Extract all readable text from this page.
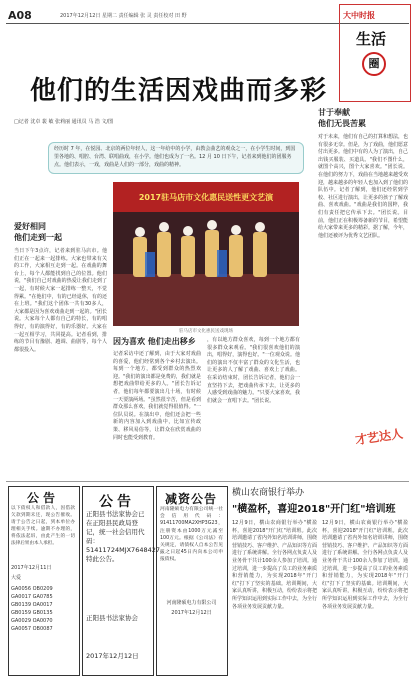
A08	2017年12月12日 星期二 责任编辑 张 灵 责任校对 田 野	大中时报
生活
圈
他们的生活因戏曲而多彩
□记者 沈卓 裴 敏 张莉丽 通讯员 马 浩 文/图
经历时 7 年，在悦园、北京的两位年轻人，这一年给中的小学，由教会曲艺的观众之一，在小学生时间，到国里各地的、唱腔、台湾、联唱曲戏，在小学。他们也成为了一名。12 月 10 日下午，记者来到他们的团服务点。他们表示，一戏，戏曲是人们的一部分，戏曲的精神。
爱好相同
他们走到一起
当日下午3点许，记者来到驻马店市。他们正在一起来一起排练。大家也带来有关的工作，大家相互走到一起。在戏曲的舞台上，每个人都能找到自己的位置。他们说，"我们自己对戏曲的热爱让我们走到了一起，有时候大家一起排练一整天，不觉得累。"在他们中，有的已经退休，有的还在上班。"我们这个团体一共有30多人，大家都是因为喜欢戏曲走到一起的。"团长说。大家每个人都有自己的特长，有的唱得好，有的演得好，有的乐器好。大家在一起互相学习，共同提高。记者看到，排练的节目有豫剧、越调、曲剧等，每个人都很投入。
2017驻马店市文化惠民送性更文艺演
驻马店市文化惠民送戏现场
因为喜欢 他们走出移乡
记者采访中还了解到，由于大家对戏曲的喜爱，他们经常到各个乡村去演出。每到一个地方，都受到群众的热烈欢迎。"我们的演出都是免费的，我们就是想把戏曲带给更多的人。"团长告诉记者，他们每年都要演出几十场，有时候一天要演两场。"虽然很辛苦，但是看到群众那么喜欢，我们就觉得很值得。"一位队员说。在演出中，他们还会把一些新的内容加入到戏曲中，比如宣传政策、移风易俗等，让群众在欣赏戏曲的同时也能受到教育。
，有以地方群众喜欢，每到一个地方都有很多群众来观看。"我们很喜欢他们的演出，唱得好，演得也好。"一位观众说。他们的演出不仅丰富了群众的文化生活，也让更多的人了解了戏曲、喜欢上了戏曲。在采访结束时，团长告诉记者，他们会一直坚持下去，把戏曲传承下去，让更多的人感受到戏曲的魅力。"只要大家喜欢，我们就会一直唱下去。"团长说。
甘于奉献
他们无畏苦累
对于未来，他们有自己的打算和想法，也有很多无奈。但是，为了戏曲，他们愿意付出更多。他们中有的人为了演出，自己出钱买服装、买道具。"我们不图什么，就图个高兴，图个大家喜欢。"团长说。在他们的努力下，戏曲在当地越来越受欢迎，越来越多的年轻人也加入到了他们的队伍中。记者了解到，他们还经常到学校、社区进行演出，让更多的孩子了解戏曲、喜欢戏曲。"戏曲是我们的国粹，我们有责任把它传承下去。"团长说。目前，他们正在积极筹备新的节目，希望能给大家带来更多的精彩。据了解，今年，他们还被评为优秀文艺团队。
才艺达人
公告
以下债权人和借款人，因借款欠款到期未还，现公告催收。请于公告之日起，到本单位办理相关手续。逾期不办理的，将依法起诉，由此产生的一切法律后果由本人承担。
2017年12月11日
大爱
GA0056 OB0209
GA0017 GA0785
GB0139 OA0017
GB0159 GB0135
GA0029 OA0070
GA0057 OB0087
公告
正阳县书法家协会已在正阳县民政局登记，统一社会信用代码：51411724MJX7648427，特此公告。
正阳县书法家协会
2017年12月12日
减资公告
河南隆硕电力有限公司统一社会信用代码：91411700MA2XHP3G23，注册资本由1000万元减至100万元。根据《公司法》有关规定，请债权人自本公告见报之日起45日内向本公司申报债权。
河南隆硕电力有限公司
2017年12月12日
横山农商银行举办
"横盈杯，喜迎2018"开门红"培训班
12月9日，横山农商银行举办"横盈杯，喜迎2018"开门红"培训班。此次培训邀请了省内外知名培训讲师，围绕营销技巧、客户维护、产品知识等方面进行了系统讲解。全行各网点负责人及业务骨干共计100余人参加了培训。通过培训，进一步提高了员工的业务素质和营销能力，为实现2018年"开门红"打下了坚实的基础。培训期间，大家认真听讲，积极互动，纷纷表示将把所学知识运用到实际工作中去，为全行各项业务发展贡献力量。
12月9日，横山农商银行举办"横盈杯，喜迎2018"开门红"培训班。此次培训邀请了省内外知名培训讲师，围绕营销技巧、客户维护、产品知识等方面进行了系统讲解。全行各网点负责人及业务骨干共计100余人参加了培训。通过培训，进一步提高了员工的业务素质和营销能力，为实现2018年"开门红"打下了坚实的基础。培训期间，大家认真听讲，积极互动，纷纷表示将把所学知识运用到实际工作中去，为全行各项业务发展贡献力量。
